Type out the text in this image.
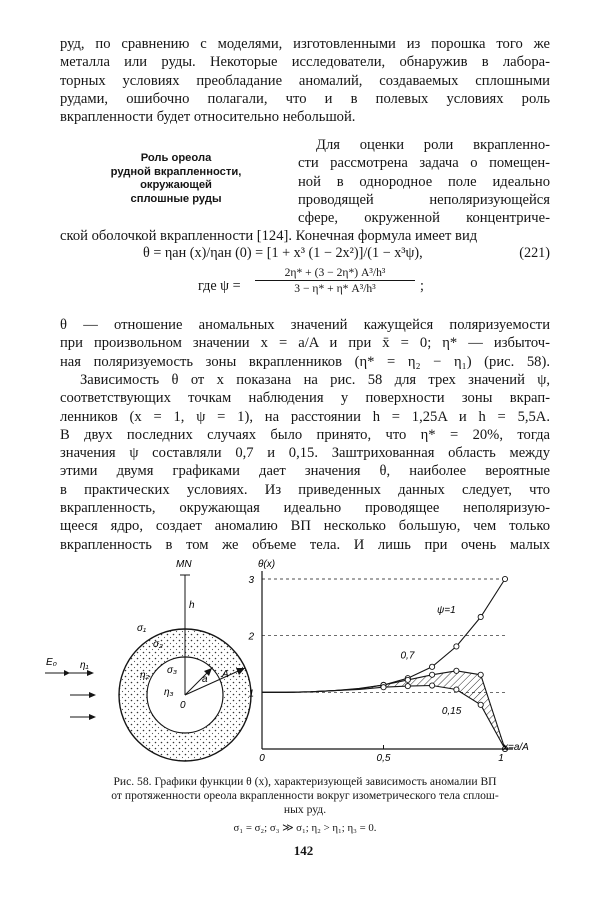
руд, по сравнению с моделями, изготовленными из порошка того же
металла или руды. Некоторые исследователи, обнаружив в лабора-
торных условиях преобладание аномалий, создаваемых сплошными
рудами, ошибочно полагали, что и в полевых условиях роль
вкрапленности будет относительно небольшой.

Роль ореола
рудной вкрапленности,
окружающей
сплошные руды
Для оценки роли вкрапленно-
сти рассмотрена задача о помещен-
ной в однородное поле идеально
проводящей неполяризующейся
сфере, окруженной концентриче-

ской оболочкой вкрапленности [124]. Конечная формула имеет вид

θ = ηан (x)/ηан (0) = [1 + x³ (1 − 2x²)]/(1 − x³ψ),	(221)
где ψ =
2η* + (3 − 2η*) A³/h³
3 − η* + η* A³/h³	;

θ — отношение аномальных значений кажущейся поляризуемости
при произвольном значении x = a/A и при x̄ = 0; η* — избыточ-
ная поляризуемость зоны вкрапленников (η* = η₂ − η₁) (рис. 58).

Зависимость θ от x показана на рис. 58 для трех значений ψ,
соответствующих точкам наблюдения у поверхности зоны вкрап-
ленников (x = 1, ψ = 1), на расстоянии h = 1,25A и h = 5,5A.
В двух последних случаях было принято, что η* = 20%, тогда
значения ψ составляли 0,7 и 0,15. Заштрихованная область между
этими двумя графиками дает значения θ, наиболее вероятные
в практических условиях. Из приведенных данных следует, что
вкрапленность, окружающая идеально проводящее неполяризую-
щееся ядро, создает аномалию ВП несколько большую, чем только
вкрапленность в том же объеме тела. И лишь при очень малых

MN
h
σ₁
σ₂
η₁
E₀
η₂ σ₃
a A
η₃
0
θ(x)
x=a/A
1
2
3
0	0,5	1
ψ=1
0,7
0,15
Рис. 58. Графики функции θ (x), характеризующей зависимость аномалии ВП
от протяженности ореола вкрапленности вокруг изометрического тела сплош-
ных руд.
σ₁ = σ₂; σ₃ ≫ σ₁; η₂ > η₁; η₃ = 0.
142
